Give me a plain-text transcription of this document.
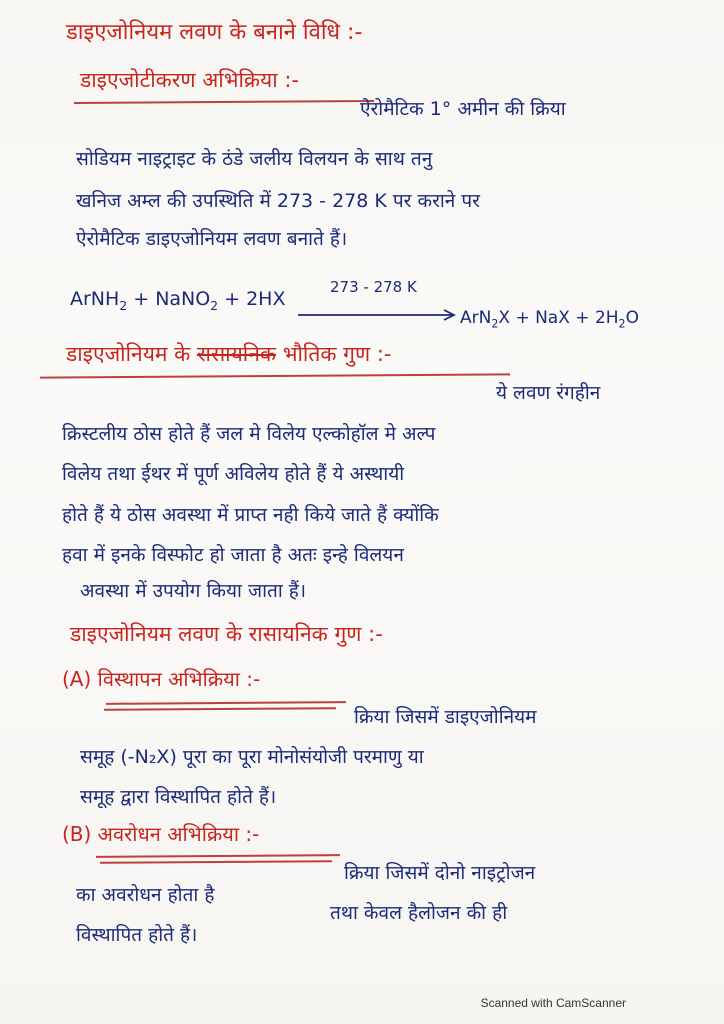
डाइएजोनियम लवण के बनाने विधि :-
डाइएजोटीकरण अभिक्रिया :-
ऐरोमैटिक 1° अमीन की क्रिया
सोडियम नाइट्राइट के ठंडे जलीय विलयन के साथ तनु
खनिज अम्ल की उपस्थिति में 273 - 278 K पर कराने पर
ऐरोमैटिक डाइएजोनियम लवण बनाते हैं।
ArNH$_2$ + NaNO$_2$ + 2HX
273 - 278 K
ArN$_2$X + NaX + $2H_2O$
डाइएजोनियम के रासायनिक भौतिक गुण :-
ये लवण रंगहीन
क्रिस्टलीय ठोस होते हैं जल मे विलेय एल्कोहॉल मे अल्प
विलेय तथा ईथर में पूर्ण अविलेय होते हैं ये अस्थायी
होते हैं ये ठोस अवस्था में प्राप्त नही किये जाते हैं क्योंकि
हवा में इनके विस्फोट हो जाता है अतः इन्हे विलयन
अवस्था में उपयोग किया जाता हैं।
डाइएजोनियम लवण के रासायनिक गुण :-
(A) विस्थापन अभिक्रिया :-
क्रिया जिसमें डाइएजोनियम
समूह (-N₂X) पूरा का पूरा मोनोसंयोजी परमाणु या
समूह द्वारा विस्थापित होते हैं।
(B) अवरोधन अभिक्रिया :-
क्रिया जिसमें दोनो नाइट्रोजन
का अवरोधन होता है
तथा केवल हैलोजन की ही
विस्थापित होते हैं।
Scanned with CamScanner
